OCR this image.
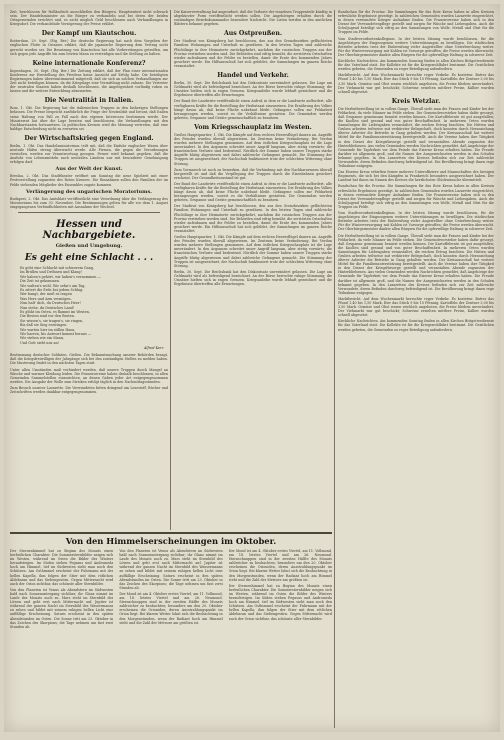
Zeit, beschlossen für Holländisch ausschließen den Bürgern. Hauptsentest nicht schwach sein. Der Handelsminister an die Bürger zu verhandeln und bei deren der beiden Ortsgemeinden errichtet und, es nicht möglich Geld beschlossen nach Verhandlungen in Kriegsdorf. Die verhandelnde Verzögerung der Preise erklärt.

Der Kampf um Kiautschou.

Rotterdam, 29. Sept. (Eig. Ber.) Die deutsche Regierung hat nach dem Vorgehen der englischen Flotte in Ostasien erklärt, daß die japanische Regierung dem Vertrag nicht gerecht worden sei. Die Besatzung von Kiautschou hat alle Vorbereitungen getroffen, um sich gegen jede Angriffe bis zum letzten Mann zu verteidigen und die Stellung zu halten.

Keine internationale Konferenz?

Kopenhagen, 30. Sept. (Eig. Ber.) Die Zeitung erklärt, daß der Plan einer internationalen Konferenz zur Herstellung des Friedens keine Aussicht auf Erfolg habe. Die beteiligten Regierungen haben übereinstimmend mitgeteilt, daß sie sich an solchen Verhandlungen zur Zeit nicht beteiligen können, da die Kriegslage eine Vermittlung nicht zulasse. Die Vertreter der neutralen Staaten haben deshalb beschlossen, die Angelegenheit vorläufig ruhen zu lassen und die weitere Entwicklung abzuwarten.

Die Neutralität in Italien.

Rom, 1. Okt. Die Regierung hat die italienischen Truppen in den bisherigen Stellungen belassen. Die Presse bespricht ausführlich die Frage der Neutralität und betont, daß Italien seine Haltung von Fall zu Fall nach den eigenen Interessen bestimmen werde. Der Ministerrat hat über die Lage beraten und beschlossen, die Verhandlungen mit den Nachbarstaaten fortzusetzen. In politischen Kreisen wird die Meinung vertreten, daß eine baldige Entscheidung nicht zu erwarten sei.

Der Wirtschaftskrieg gegen England.

Berlin, 1. Okt. Das Handelsministerium teilt mit, daß die Einfuhr englischer Waren über neutrale Häfen streng überwacht werde. Alle Firmen, die gegen die Verordnungen verstoßen, werden zur Verantwortung gezogen. Ferner wird bekannt gegeben, daß die Ausfuhr von Lebensmitteln nach neutralen Ländern nur mit besonderer Genehmigung erfolgen darf.

Aus der Welt der Kunst.

Breslau, 2. Okt. Das Stadttheater eröffnet am Sonntag die neue Spielzeit mit einer Festvorstellung zugunsten des Roten Kreuzes. Die Einnahmen sollen den Familien der im Felde stehenden Mitglieder des Ensembles zugute kommen.

Verlängerung des ungarischen Moratoriums.

Budapest, 2. Okt. Das Amtsblatt veröffentlicht eine Verordnung über die Verlängerung des Moratoriums bis zum 30. November. Die Bestimmungen gelten für alle vor dem 1. August eingegangenen Verbindlichkeiten mit Ausnahme der Wechsel.

Hessen und Nachbargebiete.
Gießen und Umgebung.
Es geht eine Schlacht . . .
Es geht eine Schlacht mit schwerem Gang,
Im Brüllen und Dröhnen und Klang!
Wir haben's gehört, wir haben's vernommen —
Die Zeit ist gekommen.
Wir walten's wohl. Wir sehn's am Tag,
Es zittert die Erde bei jedem Schlag.
Wer bangt, der muß es tragen
Was Herz und Arm vermögen.
Nun halt' dich, du Deutsches Heer!
Nun stehe, du Deutsches Land!
Es glüht im Osten, es flammt im Westen,
Die Besten sind vor den Besten.
Sie wissen's, sie tragen's, sie ringen,
Bis daß sie Sieg erzwingen.
Wir warten hier im stillen Haus,
Wir harren, bis Antwort kommt heraus —
Wir stehen wie ein Mann,
Und Gott sieht uns an!
Alfred Kerr.

Bestimmung deutscher Soldaten. Gießen. Die Bekanntmachung unserer Behörden besagt, daß die Kriegsfreiwilligen der Jahrgänge sich bei den zuständigen Stellen zu melden haben. Die Musterung findet in den nächsten Tagen statt.

Unter allen Umständen muß verhindert werden, daß unsere Truppen durch Mangel an Wäsche und warmer Kleidung leiden. Die Frauenvereine haben deshalb beschlossen, in allen Gemeinden Sammelstellen einzurichten, an denen Gaben jeder Art entgegengenommen werden. Die Ausgabe der Wolle zum Stricken erfolgt täglich in den Nachmittagsstunden.

Zum Besuch unserer Lazarette. Die Verwundeten bitten dringend um Lesestoff; Bücher und Zeitschriften werden dankbar entgegengenommen.

Die Kaiserverwaltung hat angeordnet, daß die Verluste der einzelnen Truppenteile künftig in abgekürzter Form veröffentlicht werden sollen. Die Angehörigen erhalten durch die zuständigen Bezirkskommandos besondere Nachricht. Die Listen werden in den amtlichen Blättern bekannt gegeben.

Aus Ostpreußen.

Der Stadtrat von Königsberg hat beschlossen, den aus den Grenzbezirken geflüchteten Familien Wohnungen und Unterhalt zu gewähren. In den letzten Tagen sind zahlreiche Flüchtlinge in ihre Heimatorte zurückgekehrt, nachdem die russischen Truppen aus der Provinz vertrieben worden sind. Die Behörden sind eifrig bemüht, die zerstörten Ortschaften wieder aufzubauen und die Felder zu bestellen, damit die Ernte des kommenden Jahres gesichert werde. Ein Hilfsausschuß hat sich gebildet, der Sammlungen im ganzen Reiche veranstaltet.

Handel und Verkehr.

Berlin, 30. Sept. Die Reichsbank hat den Diskontsatz unverändert gelassen. Die Lage am Geldmarkt wird als befriedigend bezeichnet. An der Börse herrschte ruhige Stimmung; die Umsätze hielten sich in engen Grenzen. Kriegsanleihe wurde lebhaft gezeichnet und die Ergebnisse übertreffen alle Erwartungen.

Der Bund der Landwirte veröffentlicht einen Aufruf, in dem er die Landwirte auffordert, alle verfügbaren Kräfte für die Bestellung der Herbstsaat einzusetzen. Die Ernährung des Volkes hängt davon ab, daß keine Fläche unbebaut bleibt. Gefangene sollen zur Feldarbeit herangezogen werden, soweit es die Verhältnisse gestatten. Die Gemeinden werden gebeten, Gespanne und Geräte gemeinschaftlich zu benutzen.

Vom Kriegsschauplatz im Westen.

Großes Hauptquartier, 1. Okt. Die Kämpfe auf dem rechten Heeresflügel dauern an. Angriffe des Feindes wurden überall abgewiesen. Im Zentrum keine Veränderung. Bei Verdun wurden mehrere Stellungen genommen. Auf dem östlichen Kriegsschauplatz ist die Lage unverändert. In den Argonnen schreitet unser Angriff langsam, aber stetig vorwärts; die französischen Verluste sind bedeutend. Nördlich der Somme haben unsere Truppen starke Angriffe blutig abgewiesen und dabei zahlreiche Gefangene gemacht. Die Stimmung der Truppen ist ausgezeichnet, der Nachschub funktioniert trotz der schlechten Witterung ohne Störung.

Zum Vormarsch ist noch zu bemerken, daß die Verbindung mit den Nachbararmeen überall hergestellt ist und daß die Verpflegung der Truppen durch die Eisenbahnen gesichert erscheint. Der Gesundheitszustand ist gut.

Der Bund der Landwirte veröffentlicht einen Aufruf, in dem er die Landwirte auffordert, alle verfügbaren Kräfte für die Bestellung der Herbstsaat einzusetzen. Die Ernährung des Volkes hängt davon ab, daß keine Fläche unbebaut bleibt. Gefangene sollen zur Feldarbeit herangezogen werden, soweit es die Verhältnisse gestatten. Die Gemeinden werden gebeten, Gespanne und Geräte gemeinschaftlich zu benutzen.

Der Stadtrat von Königsberg hat beschlossen, den aus den Grenzbezirken geflüchteten Familien Wohnungen und Unterhalt zu gewähren. In den letzten Tagen sind zahlreiche Flüchtlinge in ihre Heimatorte zurückgekehrt, nachdem die russischen Truppen aus der Provinz vertrieben worden sind. Die Behörden sind eifrig bemüht, die zerstörten Ortschaften wieder aufzubauen und die Felder zu bestellen, damit die Ernte des kommenden Jahres gesichert werde. Ein Hilfsausschuß hat sich gebildet, der Sammlungen im ganzen Reiche veranstaltet.

Großes Hauptquartier, 1. Okt. Die Kämpfe auf dem rechten Heeresflügel dauern an. Angriffe des Feindes wurden überall abgewiesen. Im Zentrum keine Veränderung. Bei Verdun wurden mehrere Stellungen genommen. Auf dem östlichen Kriegsschauplatz ist die Lage unverändert. In den Argonnen schreitet unser Angriff langsam, aber stetig vorwärts; die französischen Verluste sind bedeutend. Nördlich der Somme haben unsere Truppen starke Angriffe blutig abgewiesen und dabei zahlreiche Gefangene gemacht. Die Stimmung der Truppen ist ausgezeichnet, der Nachschub funktioniert trotz der schlechten Witterung ohne Störung.

Berlin, 30. Sept. Die Reichsbank hat den Diskontsatz unverändert gelassen. Die Lage am Geldmarkt wird als befriedigend bezeichnet. An der Börse herrschte ruhige Stimmung; die Umsätze hielten sich in engen Grenzen. Kriegsanleihe wurde lebhaft gezeichnet und die Ergebnisse übertreffen alle Erwartungen.

Rundschau für die Provinz. Die Sammlungen für das Rote Kreuz haben in allen Kreisen erfreuliche Ergebnisse gezeitigt. In zahlreichen Gemeinden wurden Lazarette eingerichtet, in denen verwundete Krieger Aufnahme finden. Die Frauenvereine haben sich in den Dienst der Verwundetenpflege gestellt und sorgen für Wäsche und Liebesgaben. Auch die Schuljugend beteiligt sich eifrig an den Sammlungen von Wolle, Metall und Obst für die Truppen im Felde.

Vom Stadtverordnetenkollegium. In der letzten Sitzung wurde beschlossen, für die Angehörigen der Eingezogenen weitere Unterstützungen zu bewilligen. Die städtischen Betriebe arbeiten trotz der Einberufung vieler Angestellter ohne Unterbrechung weiter. Für die Winterversorgung mit Kohlen ist Vorsorge getroffen; die Preise werden überwacht. Der Oberbürgermeister dankte allen Bürgern für die opferwillige Haltung in schwerer Zeit.

Kirchliche Nachrichten. Am kommenden Sonntag finden in allen Kirchen Bittgottesdienste für das Vaterland statt. Die Kollekte ist für die Kriegswohlfahrt bestimmt. Die Geistlichen werden gebeten, die Gemeinden zu reger Beteiligung aufzufordern.

Marktbericht. Auf dem Wochenmarkt herrschte reger Verkehr. Es kosteten: Butter das Pfund 1,40 bis 1,50 Mark, Eier das Stück 9 bis 10 Pfennig, Kartoffeln der Zentner 3,00 bis 3,50 Mark. Gemüse und Obst waren reichlich angeboten, die Preise blieben unverändert. Der Viehmarkt war gut beschickt; Schweine erzielten mittlere Preise, Kälber wurden schnell abgesetzt.

Kreis Wetzlar.

Die Herbstbestellung ist in vollem Gange. Überall sieht man die Frauen und Kinder bei der Feldarbeit, da viele Männer im Felde stehen. Die Gemeindevorsteher haben dafür gesorgt, daß Gespanne gemeinsam benutzt werden können. Die Kartoffelernte ist gut ausgefallen; die Knollen sind gesund und von guter Beschaffenheit. In mehreren Orten wurden Sammlungen für Liebesgaben veranstaltet, die reichen Ertrag brachten. Die Hütten und Gruben arbeiten teilweise mit verkürzter Belegschaft, doch konnten durch Heranziehung älterer Arbeiter die Betriebe in Gang gehalten werden. Der Kreisausschuß hat weitere Mittel für die Familienunterstützung bereitgestellt. Auch die Vereine haben ihre Tätigkeit in den Dienst der Kriegsfürsorge gestellt und veranstalten Abende zugunsten der Hinterbliebenen. Aus vielen Gemeinden werden Nachrichten gemeldet, daß Angehörige der Gemeinde für Tapferkeit vor dem Feinde das Eiserne Kreuz erhalten haben. Die Freude darüber ist allgemein groß, und die Namen der Ausgezeichneten werden in den Schulen bekannt gegeben. In den Lazaretten des Kreises befinden sich zur Zeit zahlreiche Verwundete, deren Befinden durchweg befriedigend ist. Die Bevölkerung bringt ihnen rege Teilnahme entgegen.

Das Eiserne Kreuz erhielten ferner mehrere Unteroffiziere und Mannschaften des hiesigen Regiments, die sich bei den Kämpfen in Frankreich besonders ausgezeichnet haben. Der Landrat hat ihnen im Namen des Kreises die herzlichsten Glückwünsche übermittelt.

Rundschau für die Provinz. Die Sammlungen für das Rote Kreuz haben in allen Kreisen erfreuliche Ergebnisse gezeitigt. In zahlreichen Gemeinden wurden Lazarette eingerichtet, in denen verwundete Krieger Aufnahme finden. Die Frauenvereine haben sich in den Dienst der Verwundetenpflege gestellt und sorgen für Wäsche und Liebesgaben. Auch die Schuljugend beteiligt sich eifrig an den Sammlungen von Wolle, Metall und Obst für die Truppen im Felde.

Vom Stadtverordnetenkollegium. In der letzten Sitzung wurde beschlossen, für die Angehörigen der Eingezogenen weitere Unterstützungen zu bewilligen. Die städtischen Betriebe arbeiten trotz der Einberufung vieler Angestellter ohne Unterbrechung weiter. Für die Winterversorgung mit Kohlen ist Vorsorge getroffen; die Preise werden überwacht. Der Oberbürgermeister dankte allen Bürgern für die opferwillige Haltung in schwerer Zeit.

Die Herbstbestellung ist in vollem Gange. Überall sieht man die Frauen und Kinder bei der Feldarbeit, da viele Männer im Felde stehen. Die Gemeindevorsteher haben dafür gesorgt, daß Gespanne gemeinsam benutzt werden können. Die Kartoffelernte ist gut ausgefallen; die Knollen sind gesund und von guter Beschaffenheit. In mehreren Orten wurden Sammlungen für Liebesgaben veranstaltet, die reichen Ertrag brachten. Die Hütten und Gruben arbeiten teilweise mit verkürzter Belegschaft, doch konnten durch Heranziehung älterer Arbeiter die Betriebe in Gang gehalten werden. Der Kreisausschuß hat weitere Mittel für die Familienunterstützung bereitgestellt. Auch die Vereine haben ihre Tätigkeit in den Dienst der Kriegsfürsorge gestellt und veranstalten Abende zugunsten der Hinterbliebenen. Aus vielen Gemeinden werden Nachrichten gemeldet, daß Angehörige der Gemeinde für Tapferkeit vor dem Feinde das Eiserne Kreuz erhalten haben. Die Freude darüber ist allgemein groß, und die Namen der Ausgezeichneten werden in den Schulen bekannt gegeben. In den Lazaretten des Kreises befinden sich zur Zeit zahlreiche Verwundete, deren Befinden durchweg befriedigend ist. Die Bevölkerung bringt ihnen rege Teilnahme entgegen.

Marktbericht. Auf dem Wochenmarkt herrschte reger Verkehr. Es kosteten: Butter das Pfund 1,40 bis 1,50 Mark, Eier das Stück 9 bis 10 Pfennig, Kartoffeln der Zentner 3,00 bis 3,50 Mark. Gemüse und Obst waren reichlich angeboten, die Preise blieben unverändert. Der Viehmarkt war gut beschickt; Schweine erzielten mittlere Preise, Kälber wurden schnell abgesetzt.

Kirchliche Nachrichten. Am kommenden Sonntag finden in allen Kirchen Bittgottesdienste für das Vaterland statt. Die Kollekte ist für die Kriegswohlfahrt bestimmt. Die Geistlichen werden gebeten, die Gemeinden zu reger Beteiligung aufzufordern.

Von den Himmelserscheinungen im Oktober.

Der Sternenhimmel hat zu Beginn des Monats einen herbstlichen Charakter. Die Sommersternbilder neigen sich im Westen, während im Osten die Bilder des Winters heraufsteigen. Im Süden stehen Pegasus und Andromeda hoch am Himmel, tief im Südwesten sieht man noch den Schützen. Am Osthimmel erscheint der Fuhrmann mit der hellen Kapella, ihm folgen der Stier mit dem rötlichen Aldebaran und das Siebengestirn. Gegen Mitternacht wird auch der Orion sichtbar, das schönste aller Sternbilder.

Von den Planeten ist Venus als Abendstern im Südwesten bald nach Sonnenuntergang sichtbar; ihr Glanz nimmt im Laufe des Monats noch zu. Mars steht im Sternbild des Löwen und geht erst nach Mitternacht auf. Jupiter ist während der ganzen Nacht im Sternbild des Wassermanns zu sehen und bildet mit seinem ruhigen hellen Licht eine auffällige Erscheinung. Saturn erscheint in den späten Abendstunden im Osten. Die Sonne tritt am 23. Oktober in das Zeichen des Skorpions; die Tage nehmen um fast zwei Stunden ab.

Von den Planeten ist Venus als Abendstern im Südwesten bald nach Sonnenuntergang sichtbar; ihr Glanz nimmt im Laufe des Monats noch zu. Mars steht im Sternbild des Löwen und geht erst nach Mitternacht auf. Jupiter ist während der ganzen Nacht im Sternbild des Wassermanns zu sehen und bildet mit seinem ruhigen hellen Licht eine auffällige Erscheinung. Saturn erscheint in den späten Abendstunden im Osten. Die Sonne tritt am 23. Oktober in das Zeichen des Skorpions; die Tage nehmen um fast zwei Stunden ab.

Der Mond ist am 4. Oktober erstes Viertel, am 11. Vollmond, am 18. letztes Viertel und am 26. Neumond. Sternschnuppen sind in der zweiten Hälfte des Monats zahlreicher zu beobachten; besonders um den 20. Oktober erscheinen die Orioniden, deren Ausstrahlungspunkt im Orion liegt. Bei klarem Wetter lohnt sich die Beobachtung in den Morgenstunden, wenn der Radiant hoch am Himmel steht und die Zahl der Meteore am größten ist.

Der Mond ist am 4. Oktober erstes Viertel, am 11. Vollmond, am 18. letztes Viertel und am 26. Neumond. Sternschnuppen sind in der zweiten Hälfte des Monats zahlreicher zu beobachten; besonders um den 20. Oktober erscheinen die Orioniden, deren Ausstrahlungspunkt im Orion liegt. Bei klarem Wetter lohnt sich die Beobachtung in den Morgenstunden, wenn der Radiant hoch am Himmel steht und die Zahl der Meteore am größten ist.

Der Sternenhimmel hat zu Beginn des Monats einen herbstlichen Charakter. Die Sommersternbilder neigen sich im Westen, während im Osten die Bilder des Winters heraufsteigen. Im Süden stehen Pegasus und Andromeda hoch am Himmel, tief im Südwesten sieht man noch den Schützen. Am Osthimmel erscheint der Fuhrmann mit der hellen Kapella, ihm folgen der Stier mit dem rötlichen Aldebaran und das Siebengestirn. Gegen Mitternacht wird auch der Orion sichtbar, das schönste aller Sternbilder.
